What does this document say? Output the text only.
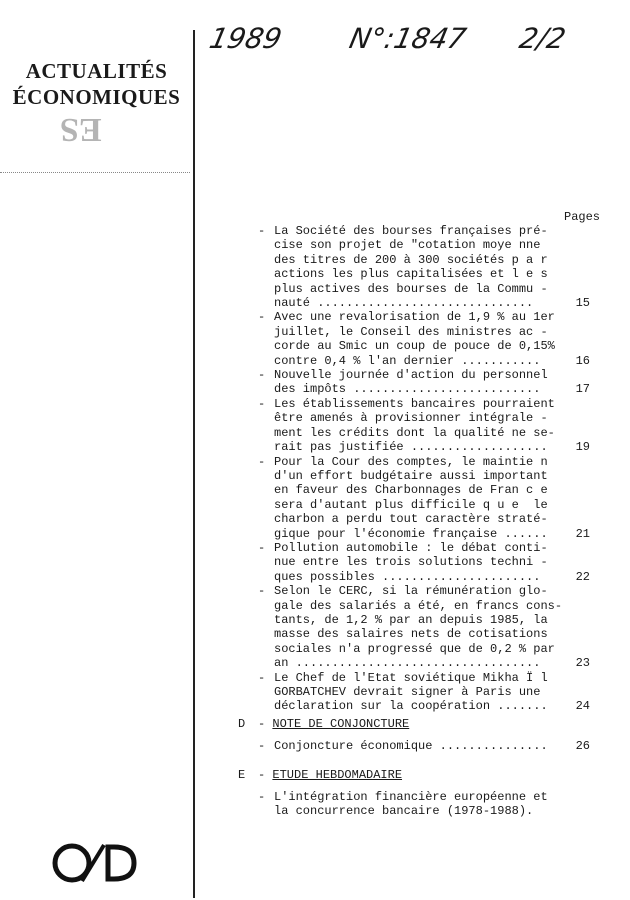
ACTUALITÉS
ÉCONOMIQUES
ES
1989 N°:1847 2/2
Pages
- La Société des bourses françaises pré-
cise son projet de "cotation moye nne
des titres de 200 à 300 sociétés p a r
actions les plus capitalisées et l e s
plus actives des bourses de la Commu -
nauté ..............................	15
- Avec une revalorisation de 1,9 % au 1er
juillet, le Conseil des ministres ac -
corde au Smic un coup de pouce de 0,15%
contre 0,4 % l'an dernier ...........	16
- Nouvelle journée d'action du personnel
des impôts ..........................	17
- Les établissements bancaires pourraient
être amenés à provisionner intégrale -
ment les crédits dont la qualité ne se-
rait pas justifiée ................... 19
- Pour la Cour des comptes, le maintie n
d'un effort budgétaire aussi important
en faveur des Charbonnages de Fran c e
sera d'autant plus difficile q u e  le
charbon a perdu tout caractère straté-
gique pour l'économie française ...... 21
- Pollution automobile : le débat conti-
nue entre les trois solutions techni -
ques possibles ......................	22
- Selon le CERC, si la rémunération glo-
gale des salariés a été, en francs cons-
tants, de 1,2 % par an depuis 1985, la
masse des salaires nets de cotisations
sociales n'a progressé que de 0,2 % par
an ..................................	23
- Le Chef de l'Etat soviétique Mikha Ï l
GORBATCHEV devrait signer à Paris une
déclaration sur la coopération ....... 24
D - NOTE DE CONJONCTURE
- Conjoncture économique ...............	26
E - ETUDE HEBDOMADAIRE
- L'intégration financière européenne et
la concurrence bancaire (1978-1988).
